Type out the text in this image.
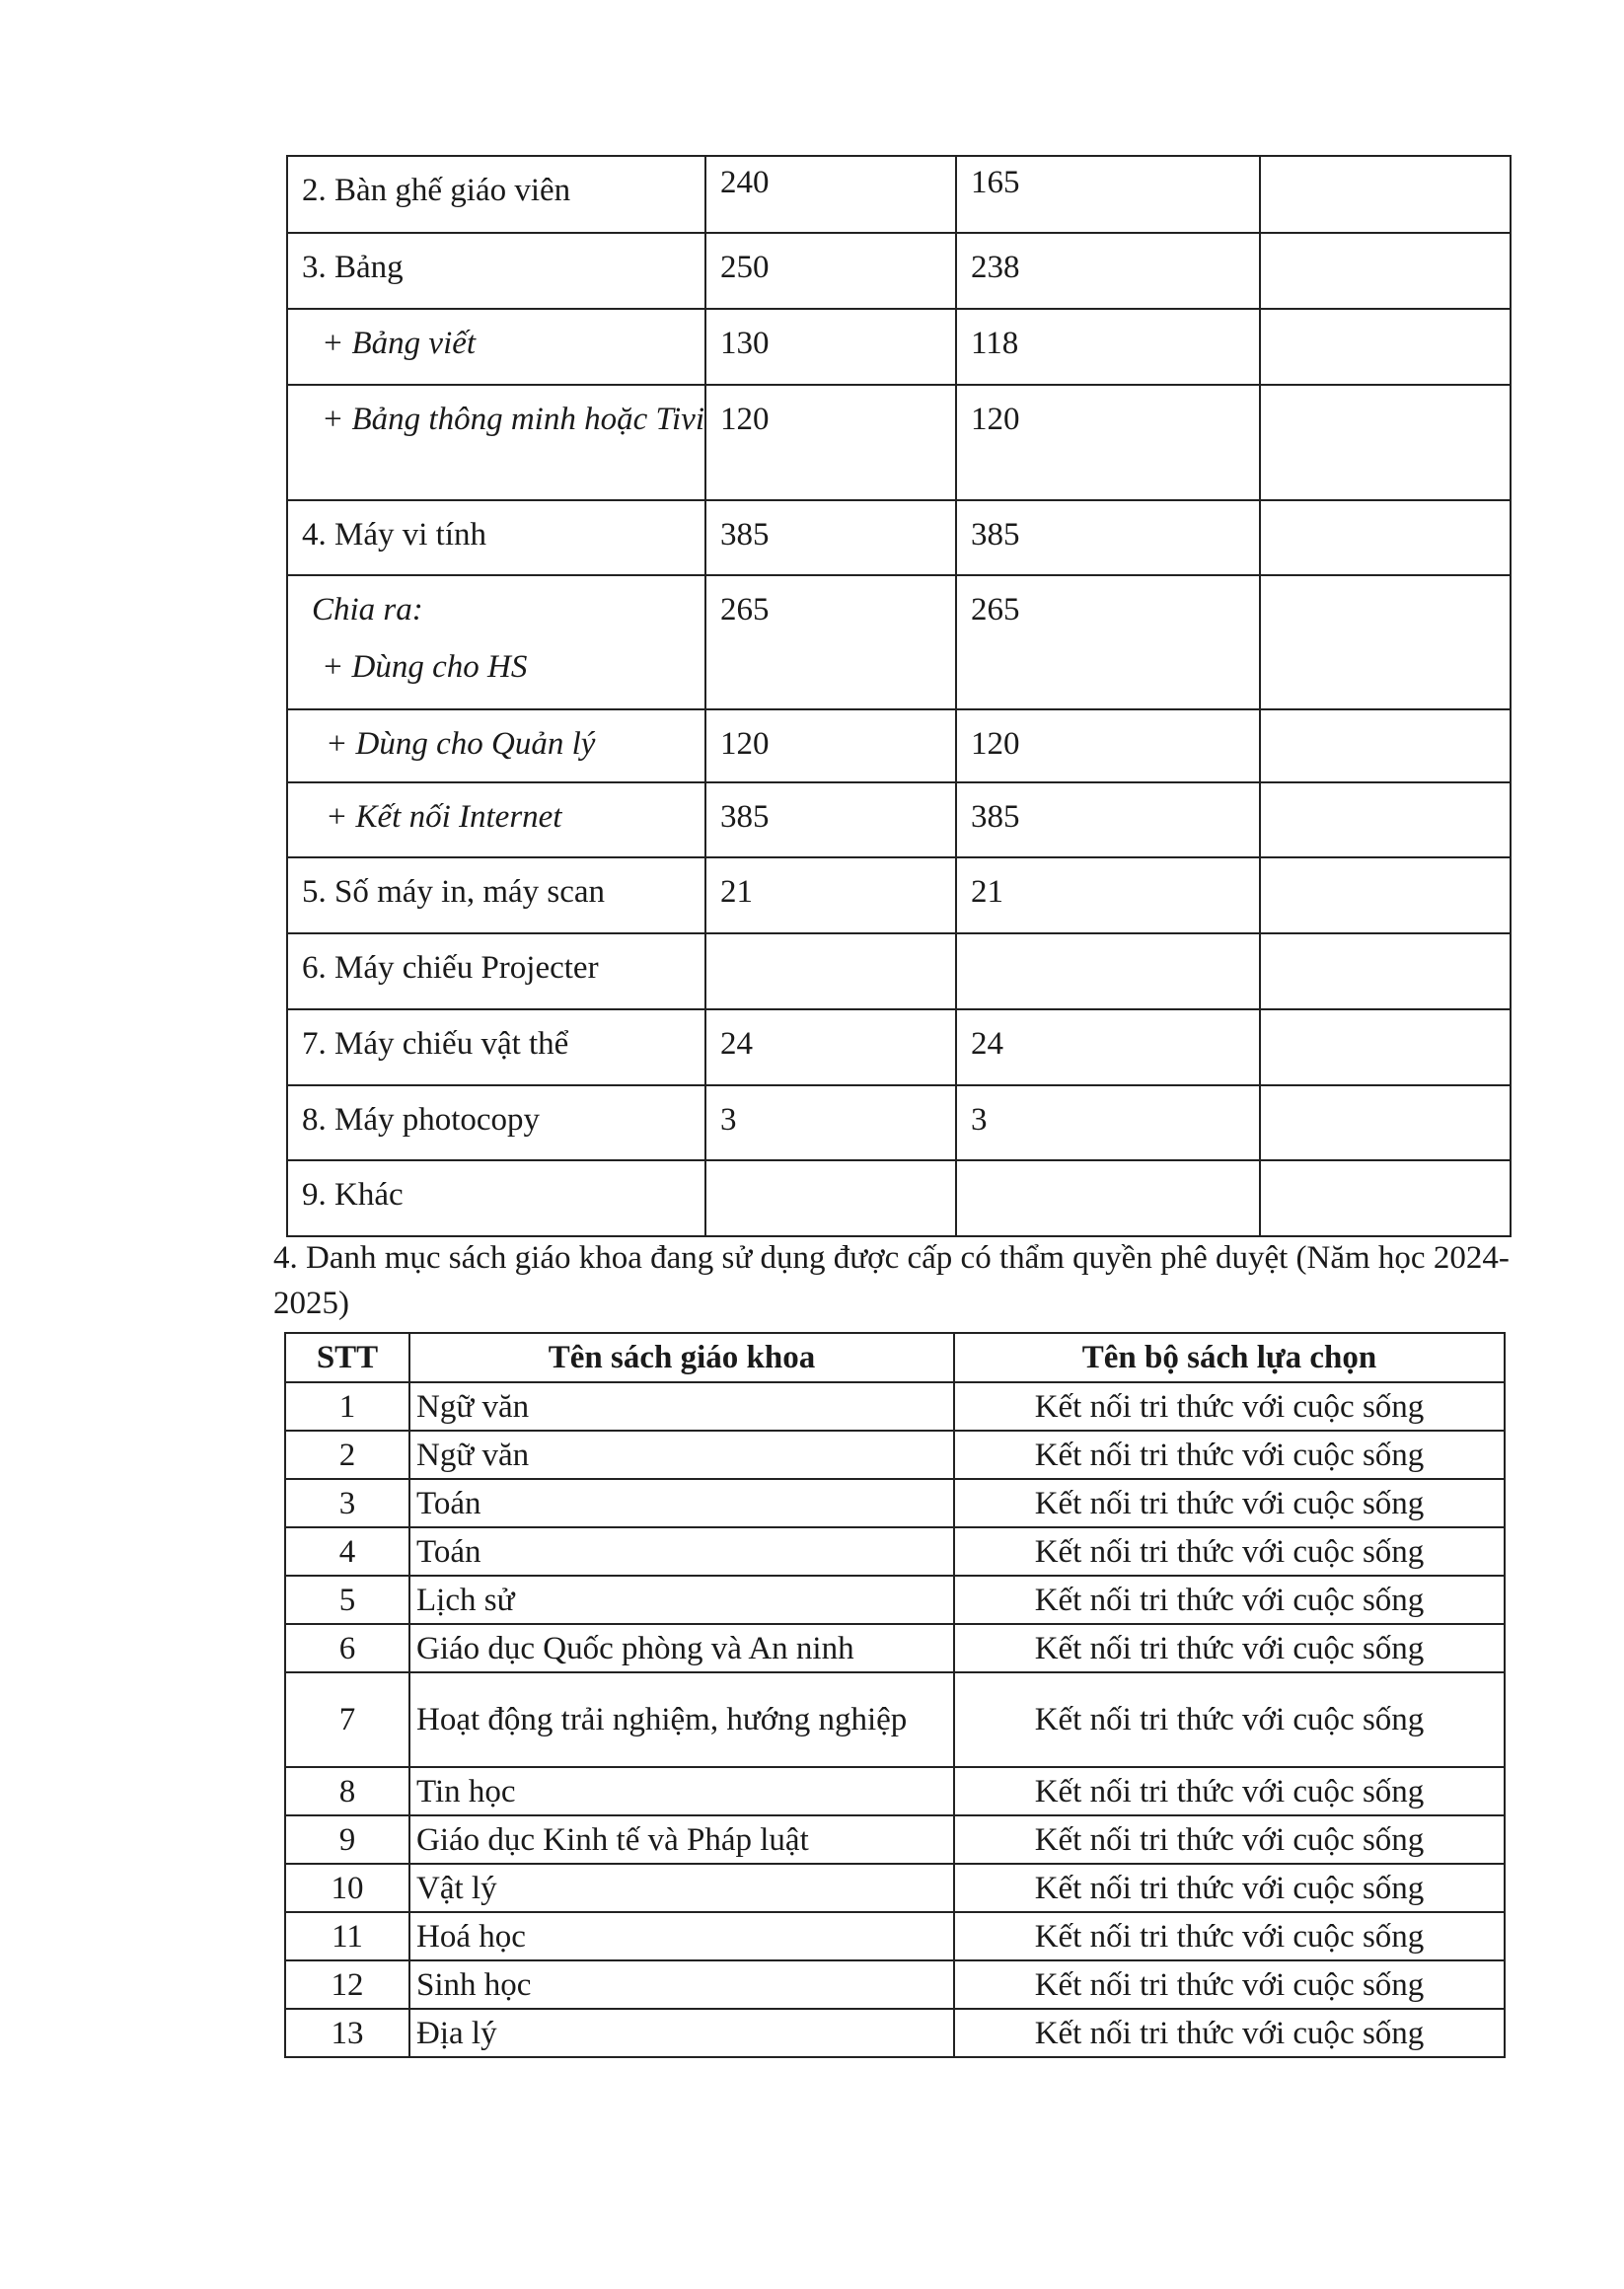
2. Bàn ghế giáo viên	240	165	
3. Bảng	250	238	

+ Bảng viết	130	118	

+ Bảng thông minh hoặc Tivi	120	120	
4. Máy vi tính	385	385	

Chia ra:
+ Dùng cho HS	265	265	

+ Dùng cho Quản lý	120	120	

+ Kết nối Internet	385	385	
5. Số máy in, máy scan	21	21	
6. Máy chiếu Projecter			
7. Máy chiếu vật thể	24	24	
8. Máy photocopy	3	3	
9. Khác			

4. Danh mục sách giáo khoa đang sử dụng được cấp có thẩm quyền phê duyệt (Năm học 2024-2025)

STT	Tên sách giáo khoa	Tên bộ sách lựa chọn
1	Ngữ văn	Kết nối tri thức với cuộc sống
2	Ngữ văn	Kết nối tri thức với cuộc sống
3	Toán	Kết nối tri thức với cuộc sống
4	Toán	Kết nối tri thức với cuộc sống
5	Lịch sử	Kết nối tri thức với cuộc sống
6	Giáo dục Quốc phòng và An ninh	Kết nối tri thức với cuộc sống
7	Hoạt động trải nghiệm, hướng nghiệp	Kết nối tri thức với cuộc sống
8	Tin học	Kết nối tri thức với cuộc sống
9	Giáo dục Kinh tế và Pháp luật	Kết nối tri thức với cuộc sống
10	Vật lý	Kết nối tri thức với cuộc sống
11	Hoá học	Kết nối tri thức với cuộc sống
12	Sinh học	Kết nối tri thức với cuộc sống
13	Địa lý	Kết nối tri thức với cuộc sống
